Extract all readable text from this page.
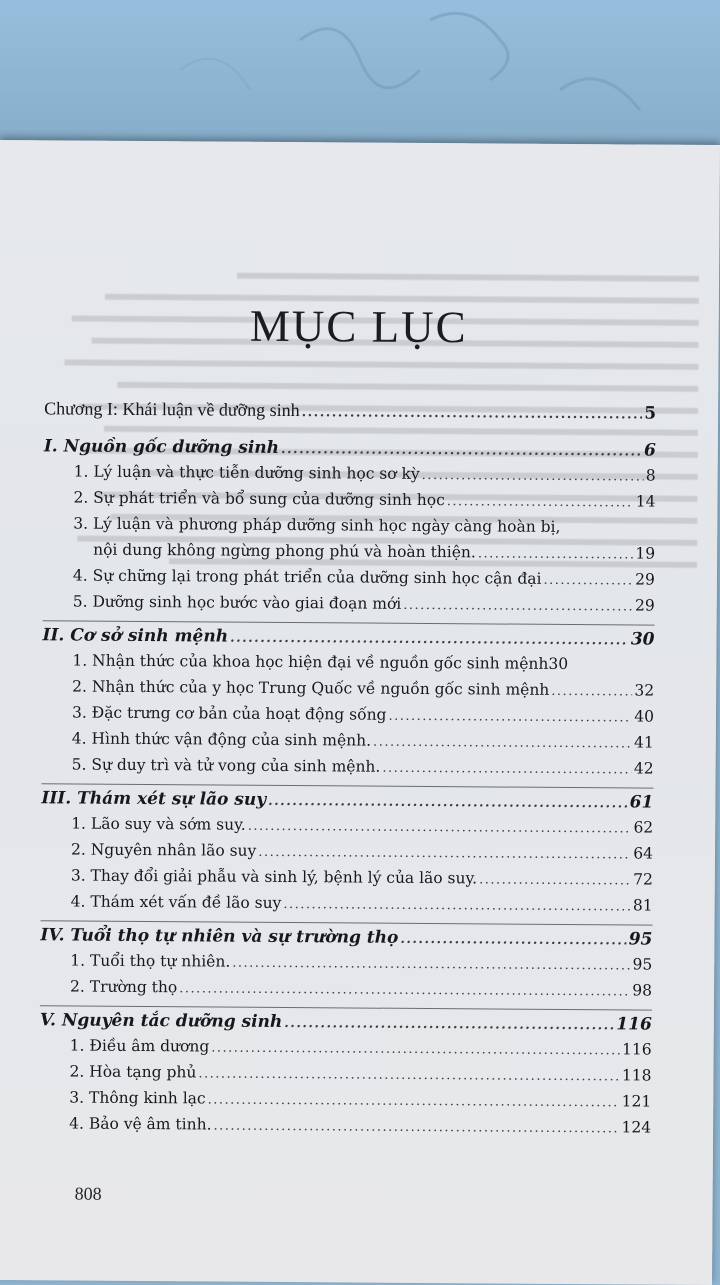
MỤC LỤC
Chương I: Khái luận về dưỡng sinh .....	5
I. Nguồn gốc dưỡng sinh .....	6
1. Lý luận và thực tiễn dưỡng sinh học sơ kỳ .....	8
2. Sự phát triển và bổ sung của dưỡng sinh học .....	14
3. Lý luận và phương pháp dưỡng sinh học ngày càng hoàn bị,
nội dung không ngừng phong phú và hoàn thiện. .....	19
4. Sự chững lại trong phát triển của dưỡng sinh học cận đại .....	29
5. Dưỡng sinh học bước vào giai đoạn mới .....	29
II. Cơ sở sinh mệnh .....	30
1. Nhận thức của khoa học hiện đại về nguồn gốc sinh mệnh 30
2. Nhận thức của y học Trung Quốc về nguồn gốc sinh mệnh .....	32
3. Đặc trưng cơ bản của hoạt động sống .....	40
4. Hình thức vận động của sinh mệnh. .....	41
5. Sự duy trì và tử vong của sinh mệnh. .....	42
III. Thám xét sự lão suy .....	61
1. Lão suy và sớm suy. .....	62
2. Nguyên nhân lão suy .....	64
3. Thay đổi giải phẫu và sinh lý, bệnh lý của lão suy. .....	72
4. Thám xét vấn đề lão suy .....	81
IV. Tuổi thọ tự nhiên và sự trường thọ .....	95
1. Tuổi thọ tự nhiên. .....	95
2. Trường thọ .....	98
V. Nguyên tắc dưỡng sinh .....	116
1. Điều âm dương .....	116
2. Hòa tạng phủ .....	118
3. Thông kinh lạc .....	121
4. Bảo vệ âm tinh. .....	124
808
